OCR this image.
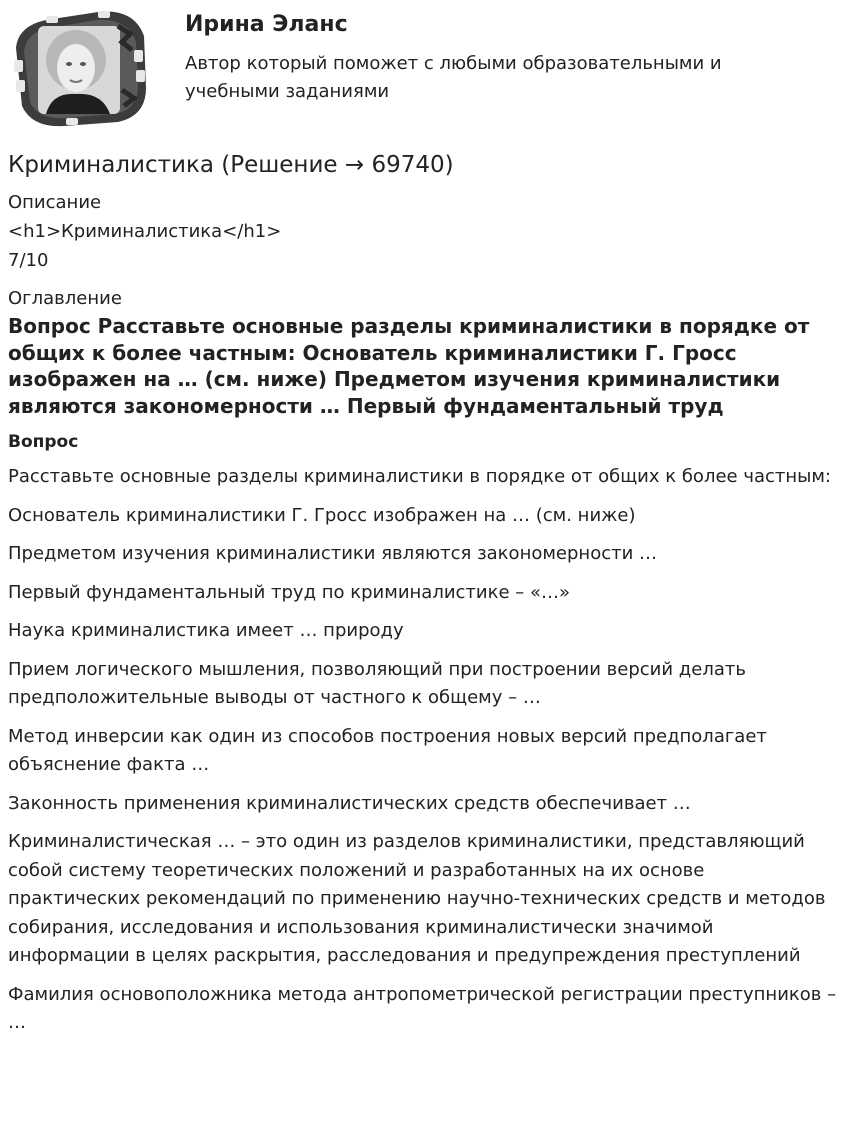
Ирина Эланс
Автор который поможет с любыми образовательными и учебными заданиями
Криминалистика (Решение → 69740)

Описание

<h1>Криминалистика</h1>

7/10

Оглавление
Вопрос Расставьте основные разделы криминалистики в порядке от общих к более частным: Основатель криминалистики Г. Гросс изображен на … (см. ниже) Предметом изучения криминалистики являются закономерности … Первый фундаментальный труд

Вопрос

Расставьте основные разделы криминалистики в порядке от общих к более частным:

Основатель криминалистики Г. Гросс изображен на … (см. ниже)

Предметом изучения криминалистики являются закономерности …

Первый фундаментальный труд по криминалистике – «…»

Наука криминалистика имеет … природу

Прием логического мышления, позволяющий при построении версий делать предположительные выводы от частного к общему – …

Метод инверсии как один из способов построения новых версий предполагает объяснение факта …

Законность применения криминалистических средств обеспечивает …

Криминалистическая … – это один из разделов криминалистики, представляющий собой систему теоретических положений и разработанных на их основе практических рекомендаций по применению научно-технических средств и методов собирания, исследования и использования криминалистически значимой информации в целях раскрытия, расследования и предупреждения преступлений

Фамилия основоположника метода антропометрической регистрации преступников – …
